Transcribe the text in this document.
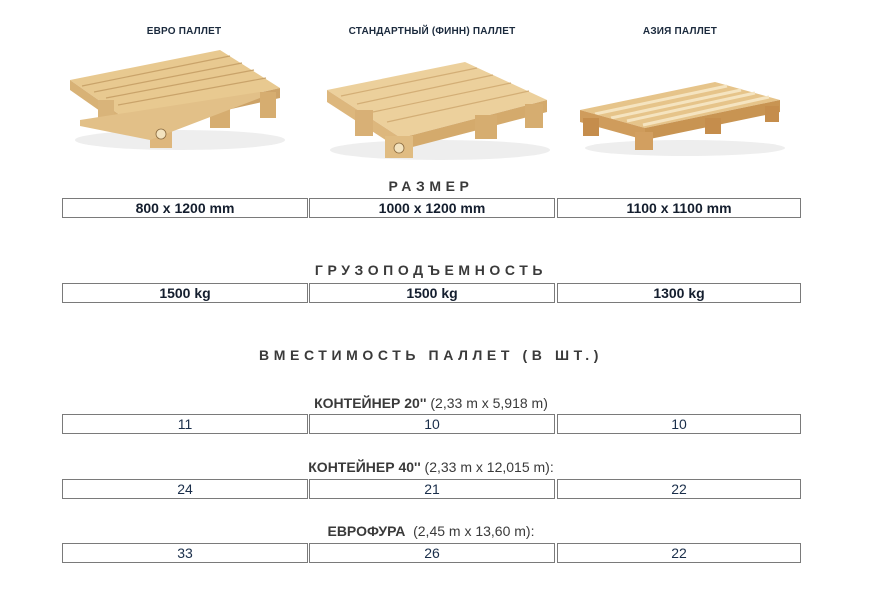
ЕВРО ПАЛЛЕТ	СТАНДАРТНЫЙ (ФИНН) ПАЛЛЕТ	АЗИЯ ПАЛЛЕТ
РАЗМЕР
800 x 1200 mm	1000 x 1200 mm	1100 x 1100 mm
ГРУЗОПОДЪЕМНОСТЬ
1500 kg	1500 kg	1300 kg
ВМЕСТИМОСТЬ ПАЛЛЕТ (В ШТ.)
КОНТЕЙНЕР 20'' (2,33 m x 5,918 m)
11	10	10
КОНТЕЙНЕР 40'' (2,33 m x 12,015 m):
24	21	22
ЕВРОФУРА  (2,45 m x 13,60 m):
33	26	22
